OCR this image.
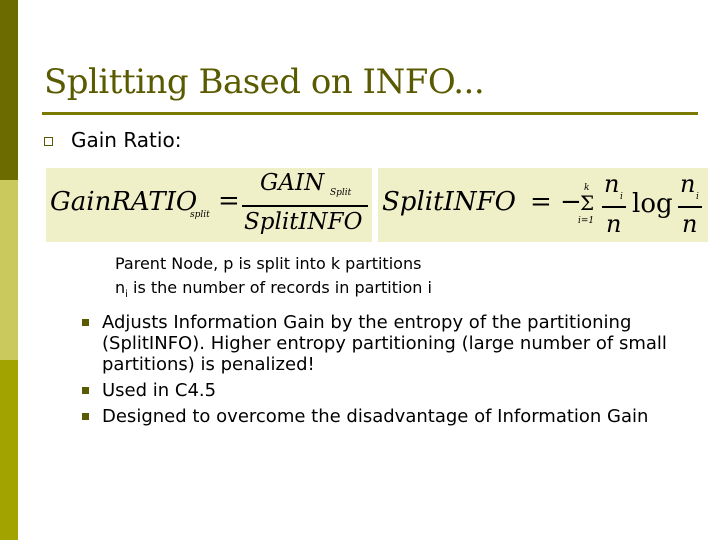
Splitting Based on INFO...
Gain Ratio:
GainRATIO
split =
GAIN Split
SplitINFO
SplitINFO = − k
Σ
i=1
n i
n
log
n i
n
Parent Node, p is split into k partitions
$n_i$ is the number of records in partition i
Adjusts Information Gain by the entropy of the partitioning (SplitINFO). Higher entropy partitioning (large number of small partitions) is penalized!
Used in C4.5
Designed to overcome the disadvantage of Information Gain
